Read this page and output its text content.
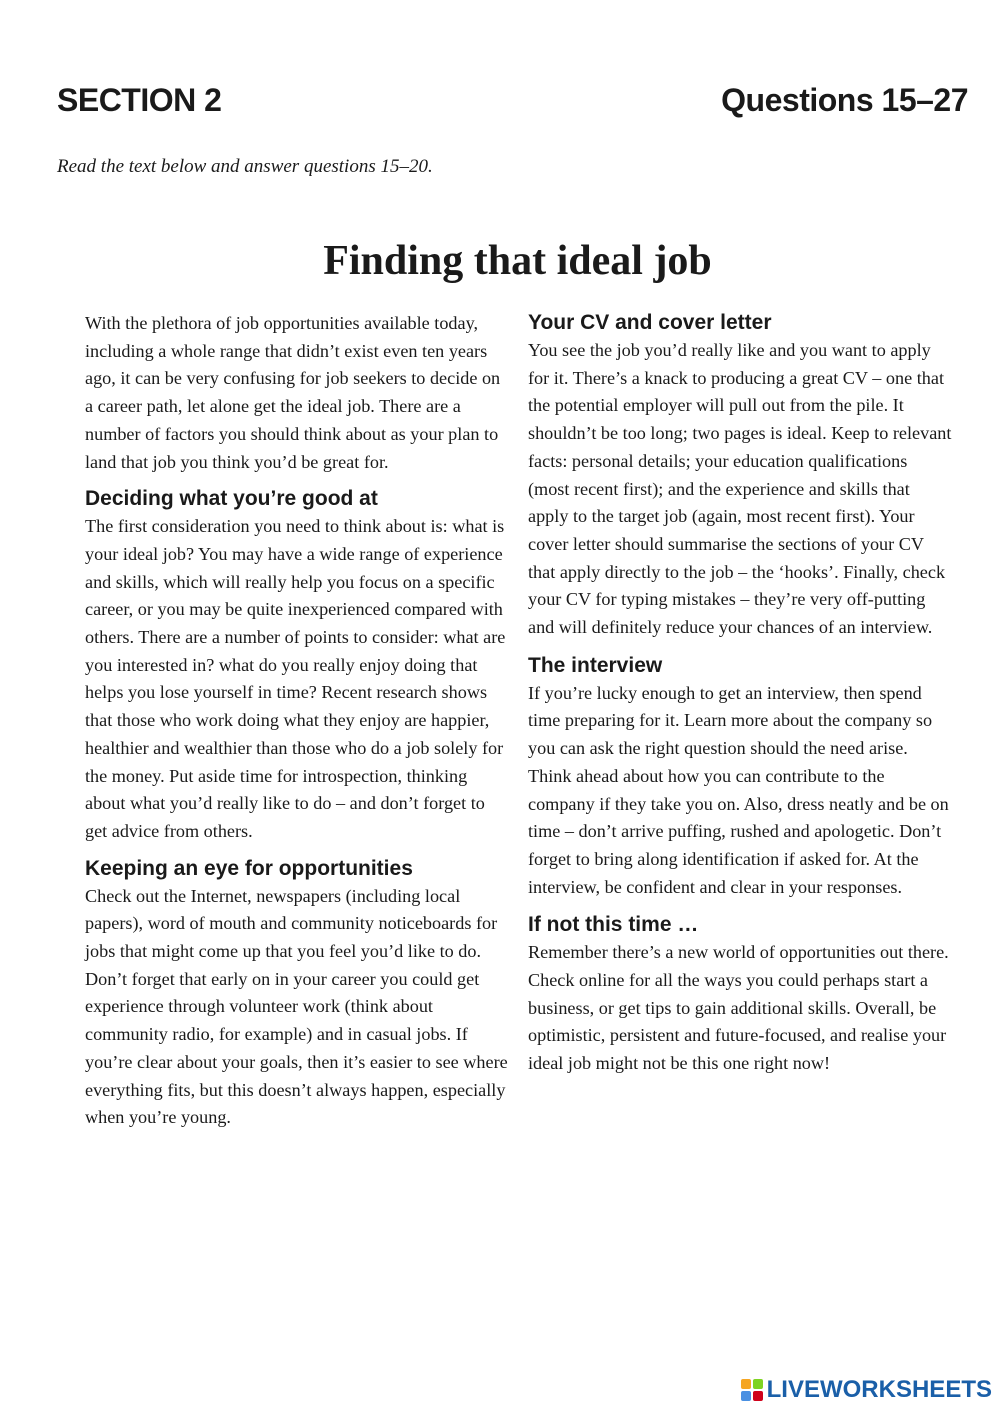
SECTION 2	Questions 15–27
Read the text below and answer questions 15–20.
Finding that ideal job

With the plethora of job opportunities available today, including a whole range that didn’t exist even ten years ago, it can be very confusing for job seekers to decide on a career path, let alone get the ideal job. There are a number of factors you should think about as your plan to land that job you think you’d be great for.

Deciding what you’re good at

The first consideration you need to think about is: what is your ideal job? You may have a wide range of experience and skills, which will really help you focus on a specific career, or you may be quite inexperienced compared with others. There are a number of points to consider: what are you interested in? what do you really enjoy doing that helps you lose yourself in time? Recent research shows that those who work doing what they enjoy are happier, healthier and wealthier than those who do a job solely for the money. Put aside time for introspection, thinking about what you’d really like to do – and don’t forget to get advice from others.

Keeping an eye for opportunities

Check out the Internet, newspapers (including local papers), word of mouth and community noticeboards for jobs that might come up that you feel you’d like to do. Don’t forget that early on in your career you could get experience through volunteer work (think about community radio, for example) and in casual jobs. If you’re clear about your goals, then it’s easier to see where everything fits, but this doesn’t always happen, especially when you’re young.

Your CV and cover letter

You see the job you’d really like and you want to apply for it. There’s a knack to producing a great CV – one that the potential employer will pull out from the pile. It shouldn’t be too long; two pages is ideal. Keep to relevant facts: personal details; your education qualifications (most recent first); and the experience and skills that apply to the target job (again, most recent first). Your cover letter should summarise the sections of your CV that apply directly to the job – the ‘hooks’. Finally, check your CV for typing mistakes – they’re very off-putting and will definitely reduce your chances of an interview.

The interview

If you’re lucky enough to get an interview, then spend time preparing for it. Learn more about the company so you can ask the right question should the need arise. Think ahead about how you can contribute to the company if they take you on. Also, dress neatly and be on time – don’t arrive puffing, rushed and apologetic. Don’t forget to bring along identification if asked for. At the interview, be confident and clear in your responses.

If not this time …

Remember there’s a new world of opportunities out there. Check online for all the ways you could perhaps start a business, or get tips to gain additional skills. Overall, be optimistic, persistent and future-focused, and realise your ideal job might not be this one right now!

LIVEWORKSHEETS
